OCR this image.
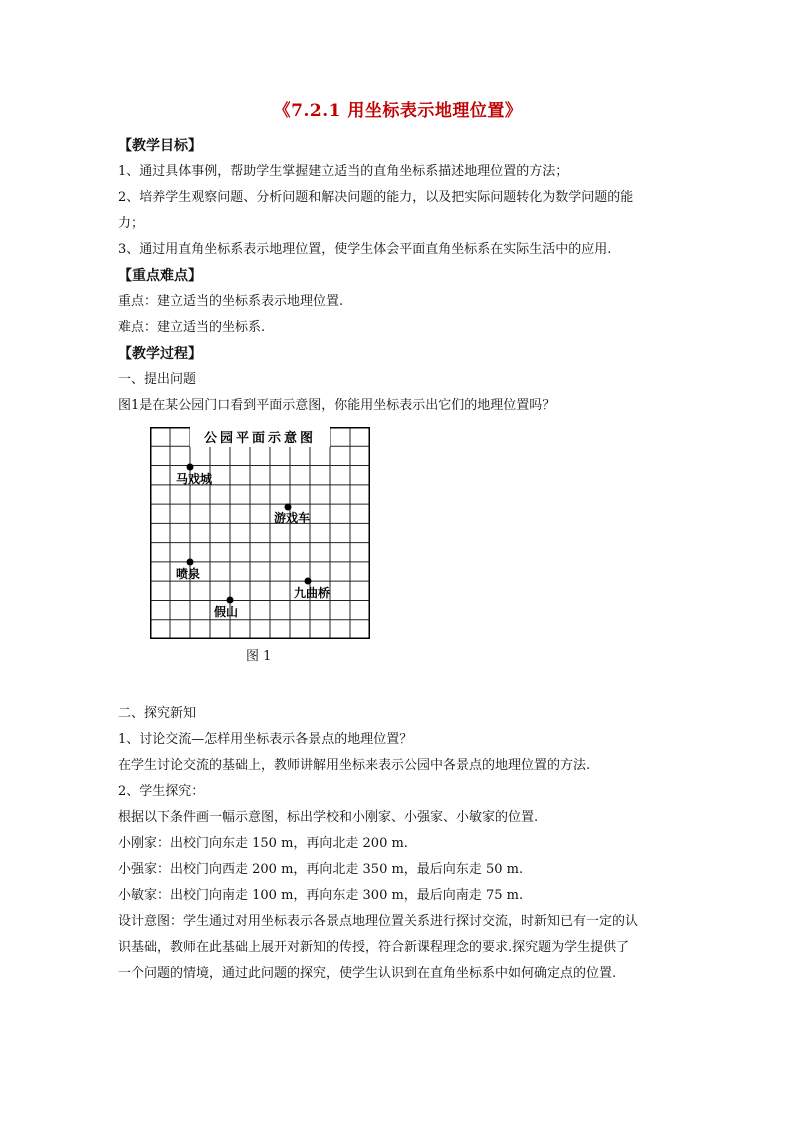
《7.2.1 用坐标表示地理位置》

【教学目标】

1、通过具体事例，帮助学生掌握建立适当的直角坐标系描述地理位置的方法；

2、培养学生观察问题、分析问题和解决问题的能力，以及把实际问题转化为数学问题的能

力；

3、通过用直角坐标系表示地理位置，使学生体会平面直角坐标系在实际生活中的应用.

【重点难点】

重点：建立适当的坐标系表示地理位置.

难点：建立适当的坐标系.

【教学过程】

一、提出问题

图1是在某公园门口看到平面示意图，你能用坐标表示出它们的地理位置吗？

公园平面示意图
马戏城
游戏车
喷泉
九曲桥
假山
图 1

二、探究新知

1、讨论交流—怎样用坐标表示各景点的地理位置？

在学生讨论交流的基础上，教师讲解用坐标来表示公园中各景点的地理位置的方法.

2、学生探究：

根据以下条件画一幅示意图，标出学校和小刚家、小强家、小敏家的位置.

小刚家：出校门向东走 150 m，再向北走 200 m.

小强家：出校门向西走 200 m，再向北走 350 m，最后向东走 50 m.

小敏家：出校门向南走 100 m，再向东走 300 m，最后向南走 75 m.

设计意图：学生通过对用坐标表示各景点地理位置关系进行探讨交流，时新知已有一定的认

识基础，教师在此基础上展开对新知的传授，符合新课程理念的要求.探究题为学生提供了

一个问题的情境，通过此问题的探究，使学生认识到在直角坐标系中如何确定点的位置.
